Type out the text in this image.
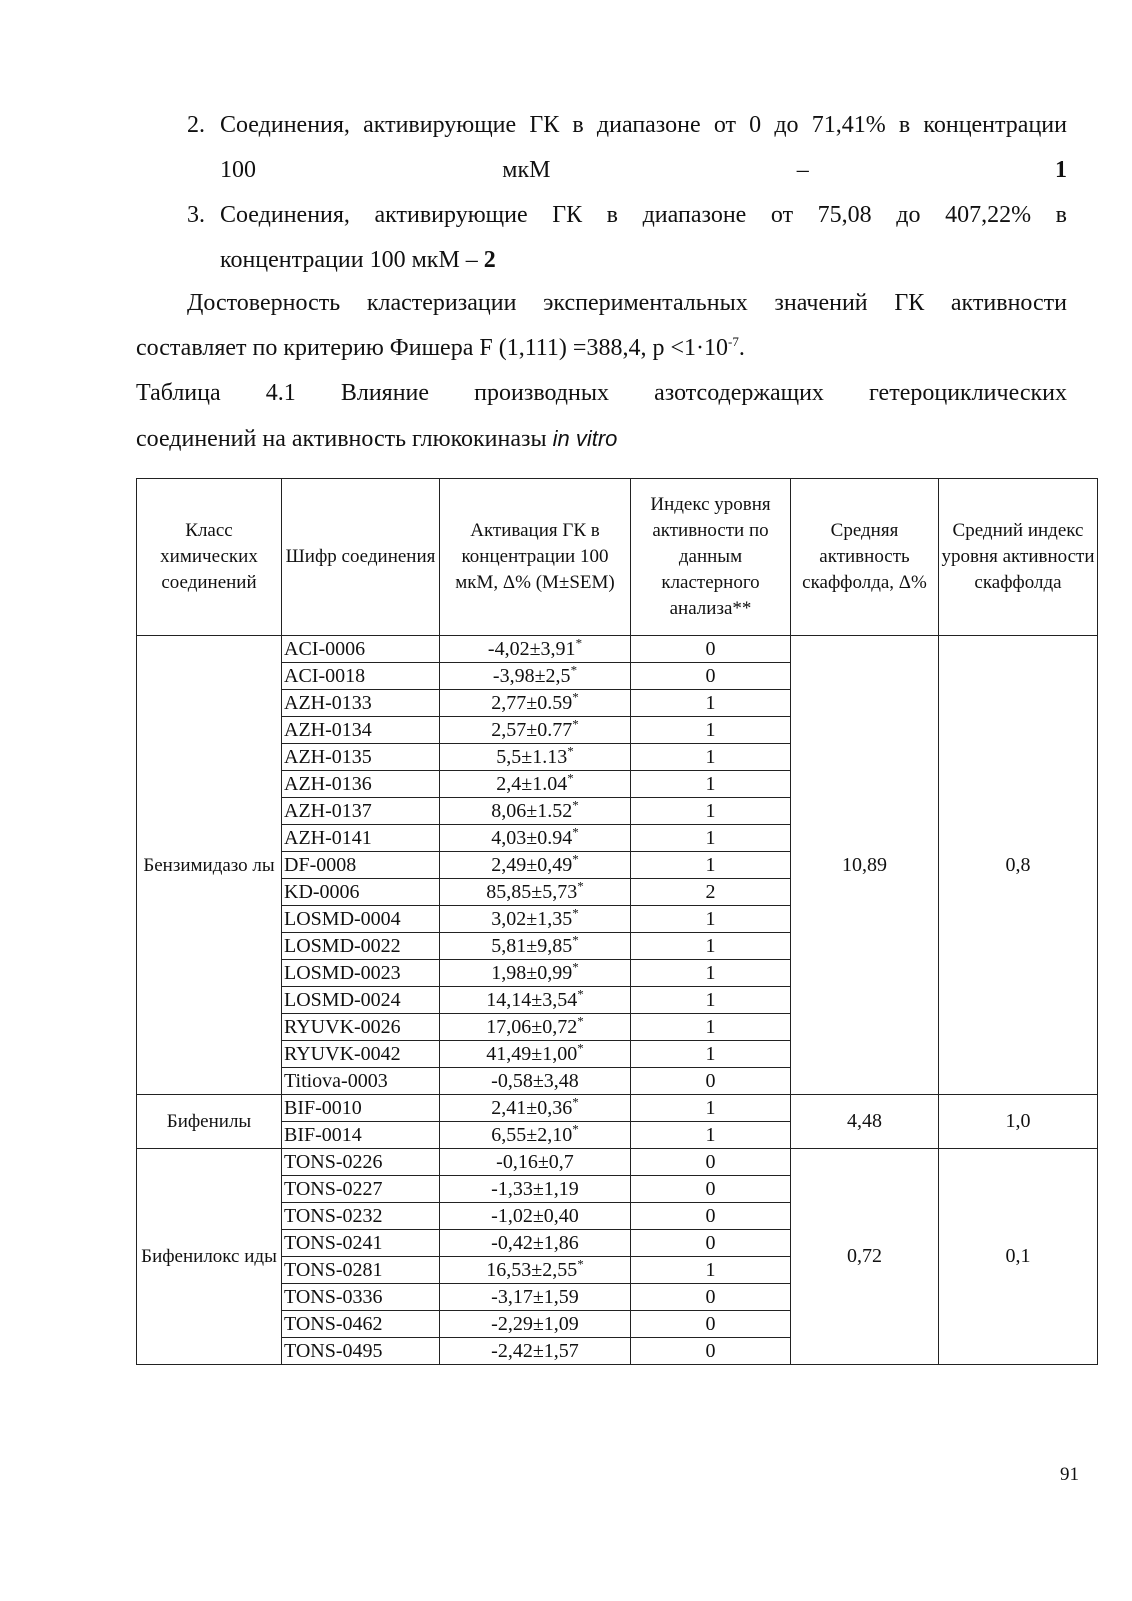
2. Соединения, активирующие ГК в диапазоне от 0 до 71,41% в концентрации
100 мкМ – 1
3. Соединения, активирующие ГК в диапазоне от 75,08 до 407,22% в
концентрации 100 мкМ – 2
Достоверность кластеризации экспериментальных значений ГК активности
составляет по критерию Фишера F (1,111) =388,4, $p <1\cdot 10^{-7}$.
Таблица 4.1 Влияние производных азотсодержащих гетероциклических
соединений на активность глюкокиназы in vitro
Класс химических соединений	Шифр соединения	Активация ГК в концентрации 100 мкМ, Δ% (M±SEM)	Индекс уровня активности по данным кластерного анализа**	Средняя активность скаффолда, Δ%	Средний индекс уровня активности скаффолда
Бензимидазо лы	ACI-0006	-4,02±3,91*	0	10,89	0,8
	ACI-0018	-3,98±2,5*	0		
	AZH-0133	2,77±0.59*	1		
	AZH-0134	2,57±0.77*	1		
	AZH-0135	5,5±1.13*	1		
	AZH-0136	2,4±1.04*	1		
	AZH-0137	8,06±1.52*	1		
	AZH-0141	4,03±0.94*	1		
	DF-0008	2,49±0,49*	1		
	KD-0006	85,85±5,73*	2		
	LOSMD-0004	3,02±1,35*	1		
	LOSMD-0022	5,81±9,85*	1		
	LOSMD-0023	1,98±0,99*	1		
	LOSMD-0024	14,14±3,54*	1		
	RYUVK-0026	17,06±0,72*	1		
	RYUVK-0042	41,49±1,00*	1		
	Titiova-0003	-0,58±3,48	0		
Бифенилы	BIF-0010	2,41±0,36*	1	4,48	1,0
	BIF-0014	6,55±2,10*	1		
Бифенилокс иды	TONS-0226	-0,16±0,7	0	0,72	0,1
	TONS-0227	-1,33±1,19	0		
	TONS-0232	-1,02±0,40	0		
	TONS-0241	-0,42±1,86	0		
	TONS-0281	16,53±2,55*	1		
	TONS-0336	-3,17±1,59	0		
	TONS-0462	-2,29±1,09	0		
	TONS-0495	-2,42±1,57	0		
91
